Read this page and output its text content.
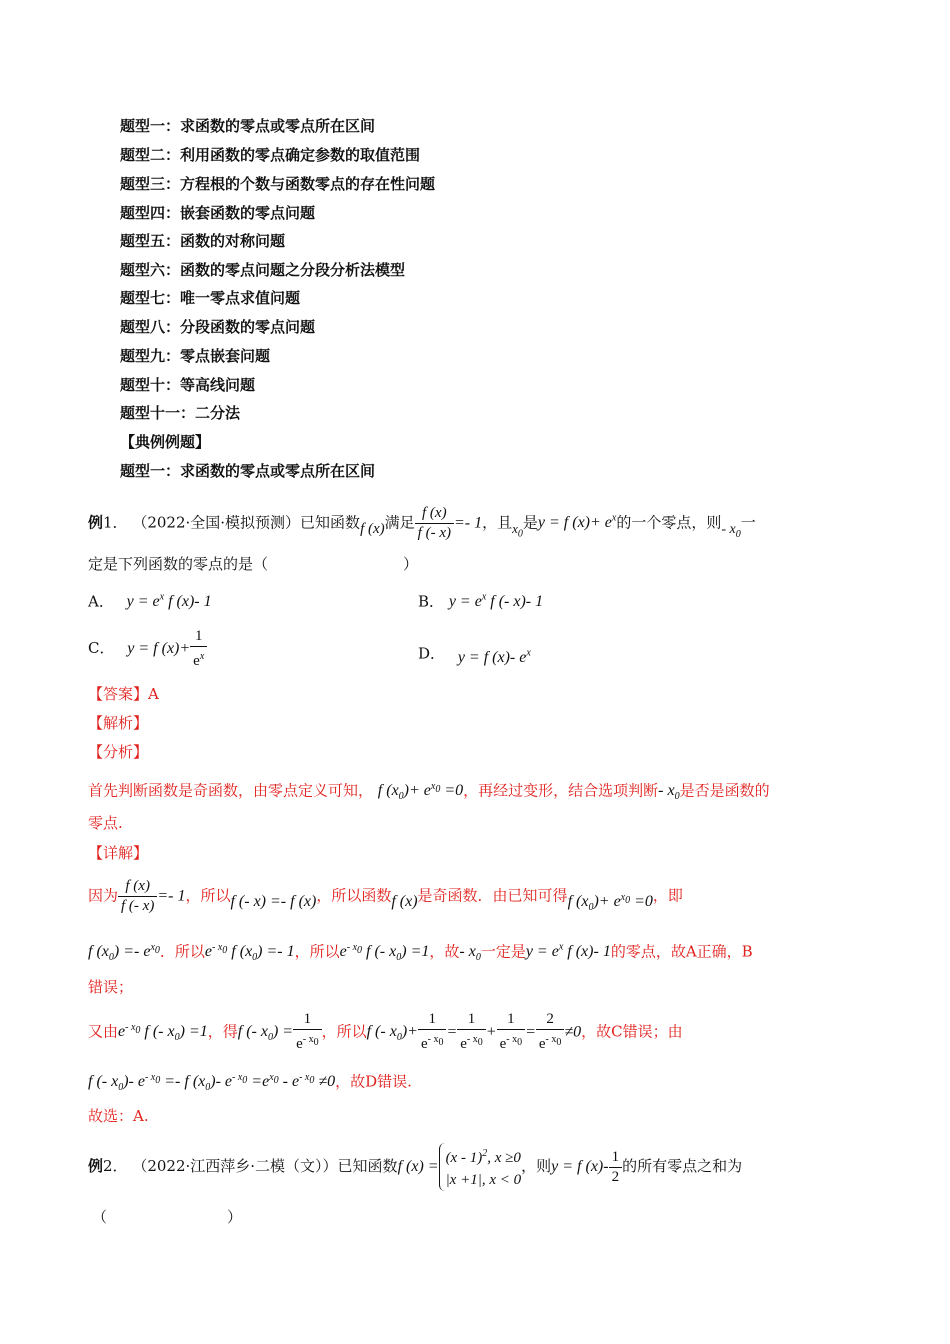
题型一：求函数的零点或零点所在区间
题型二：利用函数的零点确定参数的取值范围
题型三：方程根的个数与函数零点的存在性问题
题型四：嵌套函数的零点问题
题型五：函数的对称问题
题型六：函数的零点问题之分段分析法模型
题型七：唯一零点求值问题
题型八：分段函数的零点问题
题型九：零点嵌套问题
题型十：等高线问题
题型十一：二分法
【典例例题】
题型一：求函数的零点或零点所在区间
例1． （2022·全国·模拟预测）已知函数f (x)满足 $\frac{f (x)}{f (- x)} =- 1$，且$x_0$是y = f $(x)+ e^x$的一个零点，则- $x_0$一
定是下列函数的零点的是（　　　　　　　　　）
A． $y = e^x$ f (x)- 1	B． $y = e^x$ f (- x)- 1
C． y = f $(x)+ \frac{1}{e^x}$	D． y = f (x)- $e^x$
【答案】A
【解析】
【分析】
首先判断函数是奇函数，由零点定义可知， f $(x_0)+ e^{x_0} =0$，再经过变形，结合选项判断- $x_0$是否是函数的
零点.
【详解】
因为 $\frac{f (x)}{f (- x)} =- 1$，所以f (- x) =- f (x)，所以函数f (x)是奇函数．由已知可得f $(x_0)+ e^{x_0} =0$，即
f $(x_0) =- e^{x_0}$．所以$e^{- x_0}$ f $(x_0) =- 1$，所以$e^{- x_0}$ f (- $x_0) =1$，故- $x_0$一定是$y = e^x$ f (x)- 1的零点，故A正确，B
错误；
又由$e^{- x_0}$ f (- $x_0) =1$，得f (- $x_0) = \frac{1}{e^{- x_0}}$ ，所以f (- $x_0)+ \frac{1}{e^{- x_0}} = \frac{1}{e^{- x_0}} + \frac{1}{e^{- x_0}} = \frac{2}{e^{- x_0}} \ne 0$，故C错误；由
f (- $x_0)-$ $e^{- x_0} =- f$ $(x_0)-$ $e^{- x_0} =e^{x_0} - e^{- x_0} \ne 0$，故D错误.
故选：A.
例2． （2022·江西萍乡·二模（文））已知函数f (x) = (x - 1)$^2$, x ≥0
|x +1|, x < 0
，则y = f $(x)- \frac{1}{2}$ 的所有零点之和为
（　　　　　　　　）
